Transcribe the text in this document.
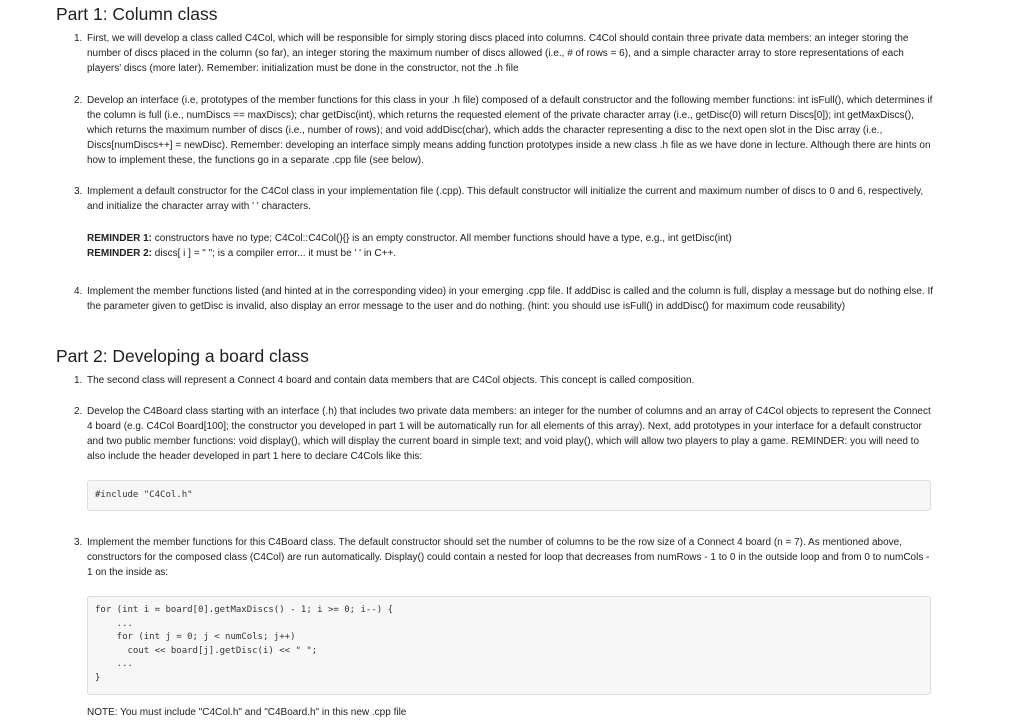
Part 1: Column class
1. First, we will develop a class called C4Col, which will be responsible for simply storing discs placed into columns. C4Col should contain three private data members: an integer storing the number of discs placed in the column (so far), an integer storing the maximum number of discs allowed (i.e., # of rows = 6), and a simple character array to store representations of each players' discs (more later). Remember: initialization must be done in the constructor, not the .h file
2. Develop an interface (i.e, prototypes of the member functions for this class in your .h file) composed of a default constructor and the following member functions: int isFull(), which determines if the column is full (i.e., numDiscs == maxDiscs); char getDisc(int), which returns the requested element of the private character array (i.e., getDisc(0) will return Discs[0]); int getMaxDiscs(), which returns the maximum number of discs (i.e., number of rows); and void addDisc(char), which adds the character representing a disc to the next open slot in the Disc array (i.e., Discs[numDiscs++] = newDisc). Remember: developing an interface simply means adding function prototypes inside a new class .h file as we have done in lecture. Although there are hints on how to implement these, the functions go in a separate .cpp file (see below).
3. Implement a default constructor for the C4Col class in your implementation file (.cpp). This default constructor will initialize the current and maximum number of discs to 0 and 6, respectively, and initialize the character array with ' ' characters.
REMINDER 1: constructors have no type; C4Col::C4Col(){} is an empty constructor. All member functions should have a type, e.g., int getDisc(int)
REMINDER 2: discs[ i ] = " "; is a compiler error... it must be ' ' in C++.
4. Implement the member functions listed (and hinted at in the corresponding video) in your emerging .cpp file. If addDisc is called and the column is full, display a message but do nothing else. If the parameter given to getDisc is invalid, also display an error message to the user and do nothing. (hint: you should use isFull() in addDisc() for maximum code reusability)
Part 2: Developing a board class
1. The second class will represent a Connect 4 board and contain data members that are C4Col objects. This concept is called composition.
2. Develop the C4Board class starting with an interface (.h) that includes two private data members: an integer for the number of columns and an array of C4Col objects to represent the Connect 4 board (e.g. C4Col Board[100]; the constructor you developed in part 1 will be automatically run for all elements of this array). Next, add prototypes in your interface for a default constructor and two public member functions: void display(), which will display the current board in simple text; and void play(), which will allow two players to play a game. REMINDER: you will need to also include the header developed in part 1 here to declare C4Cols like this:
#include "C4Col.h"
3. Implement the member functions for this C4Board class. The default constructor should set the number of columns to be the row size of a Connect 4 board (n = 7). As mentioned above, constructors for the composed class (C4Col) are run automatically. Display() could contain a nested for loop that decreases from numRows - 1 to 0 in the outside loop and from 0 to numCols - 1 on the inside as:
for (int i = board[0].getMaxDiscs() - 1; i >= 0; i--) {
...
for (int j = 0; j < numCols; j++)
cout << board[j].getDisc(i) << " ";
...
}
NOTE: You must include "C4Col.h" and "C4Board.h" in this new .cpp file
